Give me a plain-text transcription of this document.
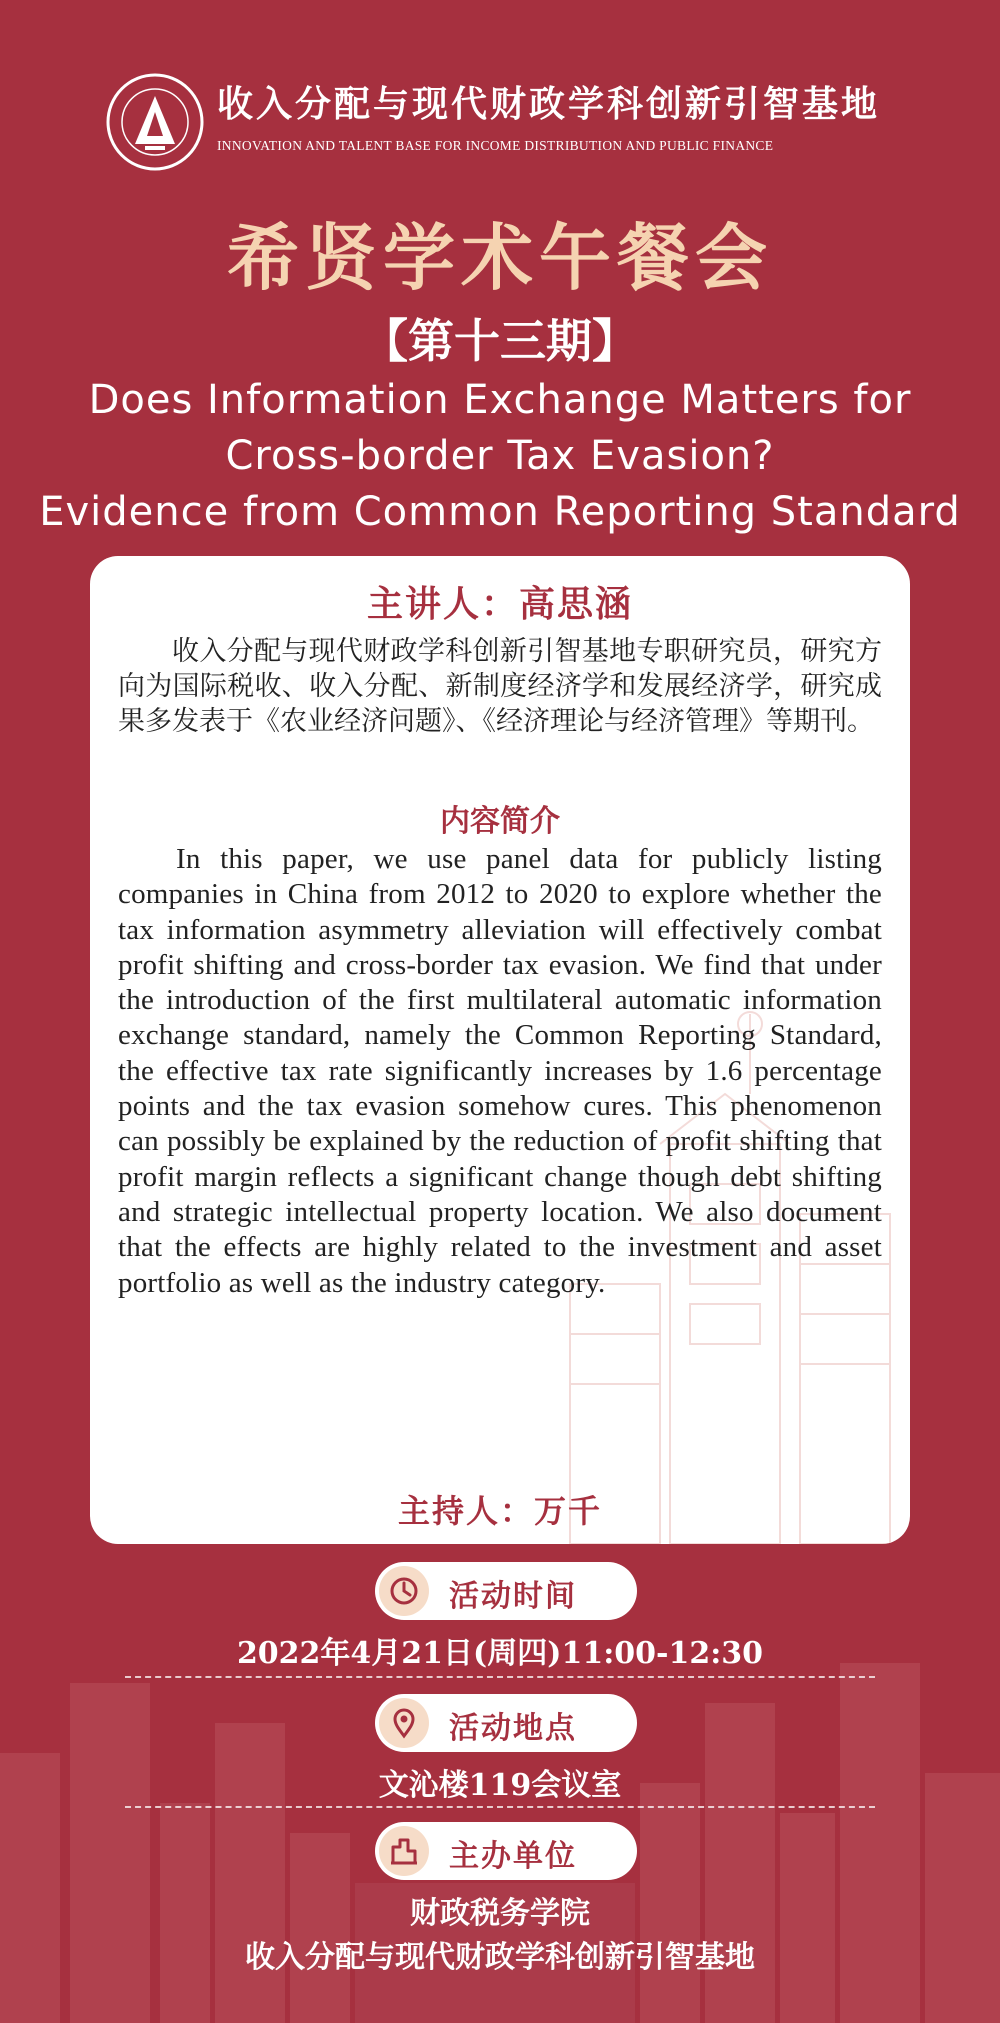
收入分配与现代财政学科创新引智基地
INNOVATION AND TALENT BASE FOR INCOME DISTRIBUTION AND PUBLIC FINANCE
希贤学术午餐会
【第十三期】
Does Information Exchange Matters for
Cross-border Tax Evasion?
Evidence from Common Reporting Standard
主讲人：高思涵
收入分配与现代财政学科创新引智基地专职研究员，研究方向为国际税收、收入分配、新制度经济学和发展经济学，研究成果多发表于《农业经济问题》、《经济理论与经济管理》等期刊。
内容简介
In this paper, we use panel data for publicly listing companies in China from 2012 to 2020 to explore whether the tax information asymmetry alleviation will effectively combat profit shifting and cross-border tax evasion. We find that under the introduction of the first multilateral automatic information exchange standard, namely the Common Reporting Standard, the effective tax rate significantly increases by 1.6 percentage points and the tax evasion somehow cures. This phenomenon can possibly be explained by the reduction of profit shifting that profit margin reflects a significant change though debt shifting and strategic intellectual property location. We also document that the effects are highly related to the investment and asset portfolio as well as the industry category.
主持人：万千
活动时间
2022年4月21日(周四)11:00-12:30
活动地点
文沁楼119会议室
主办单位
财政税务学院
收入分配与现代财政学科创新引智基地
